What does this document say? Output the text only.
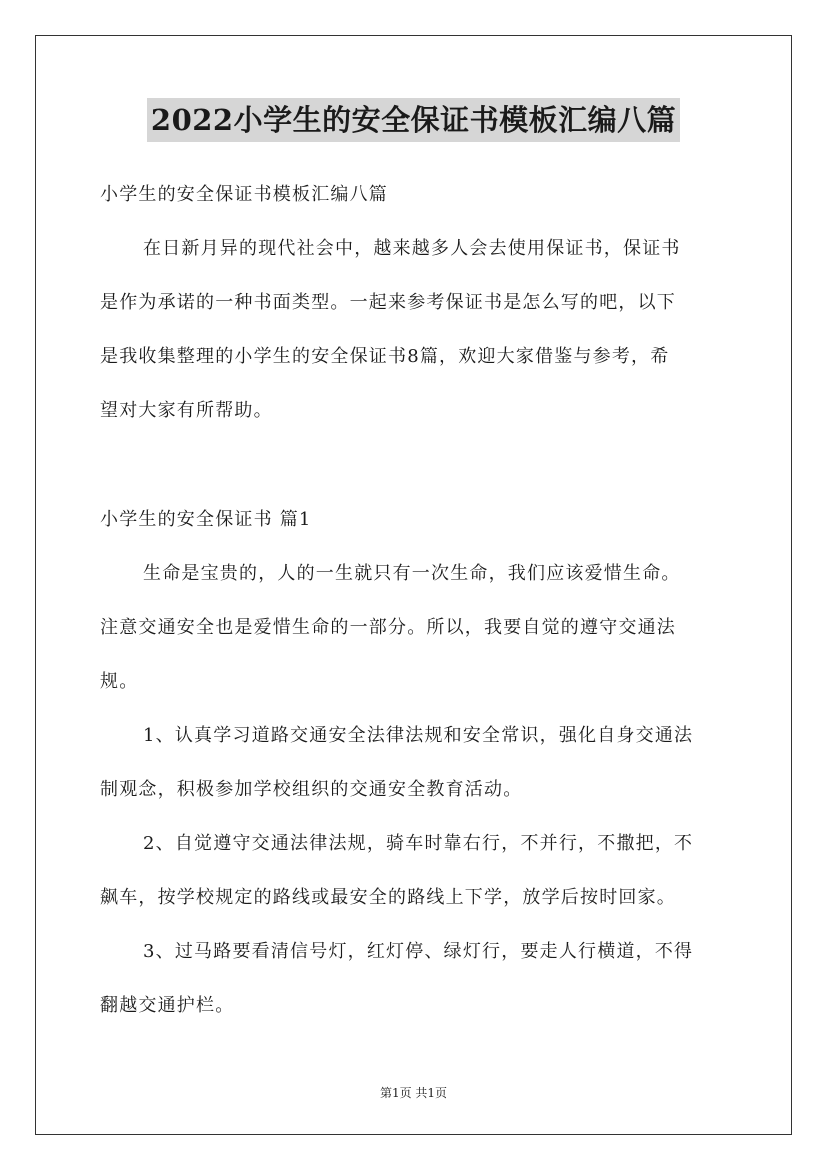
2022小学生的安全保证书模板汇编八篇
小学生的安全保证书模板汇编八篇
在日新月异的现代社会中，越来越多人会去使用保证书，保证书
是作为承诺的一种书面类型。一起来参考保证书是怎么写的吧，以下
是我收集整理的小学生的安全保证书8篇，欢迎大家借鉴与参考，希
望对大家有所帮助。
小学生的安全保证书 篇1
生命是宝贵的，人的一生就只有一次生命，我们应该爱惜生命。
注意交通安全也是爱惜生命的一部分。所以，我要自觉的遵守交通法
规。
1、认真学习道路交通安全法律法规和安全常识，强化自身交通法
制观念，积极参加学校组织的交通安全教育活动。
2、自觉遵守交通法律法规，骑车时靠右行，不并行，不撒把，不
飙车，按学校规定的路线或最安全的路线上下学，放学后按时回家。
3、过马路要看清信号灯，红灯停、绿灯行，要走人行横道，不得
翻越交通护栏。
第1页 共1页
